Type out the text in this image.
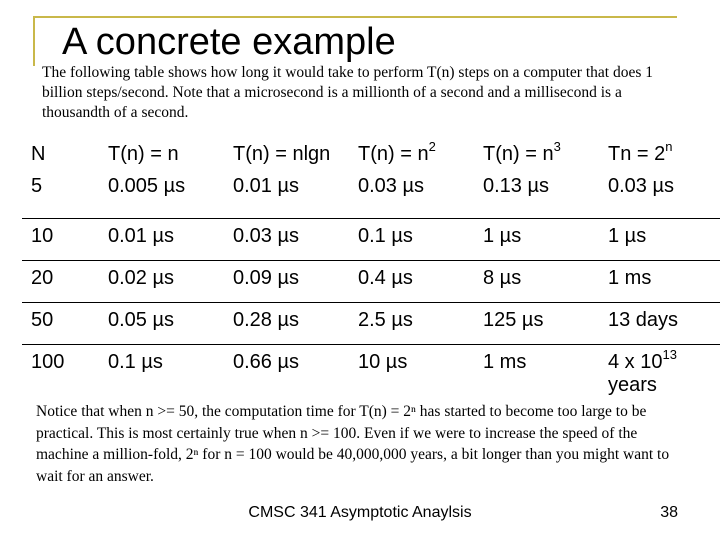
A concrete example
The following table shows how long it would take to perform T(n) steps on a computer that does 1 billion steps/second. Note that a microsecond is a millionth of a second and a millisecond is a thousandth of a second.
N	T(n) = n	T(n) = nlgn	$T(n) = n^2$	$T(n) = n^3$	$Tn = 2^n$
5	0.005 µs	0.01 µs	0.03 µs	0.13 µs	0.03 µs
10	0.01 µs	0.03 µs	0.1 µs	1 µs	1 µs
20	0.02 µs	0.09 µs	0.4 µs	8 µs	1 ms
50	0.05 µs	0.28 µs	2.5 µs	125 µs	13 days
100	0.1 µs	0.66 µs	10 µs	1 ms	4 x $10^{13}$
years
Notice that when n >= 50, the computation time for T(n) = 2ⁿ has started to become too large to be practical. This is most certainly true when n >= 100. Even if we were to increase the speed of the machine a million-fold, 2ⁿ for n = 100 would be 40,000,000 years, a bit longer than you might want to wait for an answer.
CMSC 341 Asymptotic Anaylsis	38
